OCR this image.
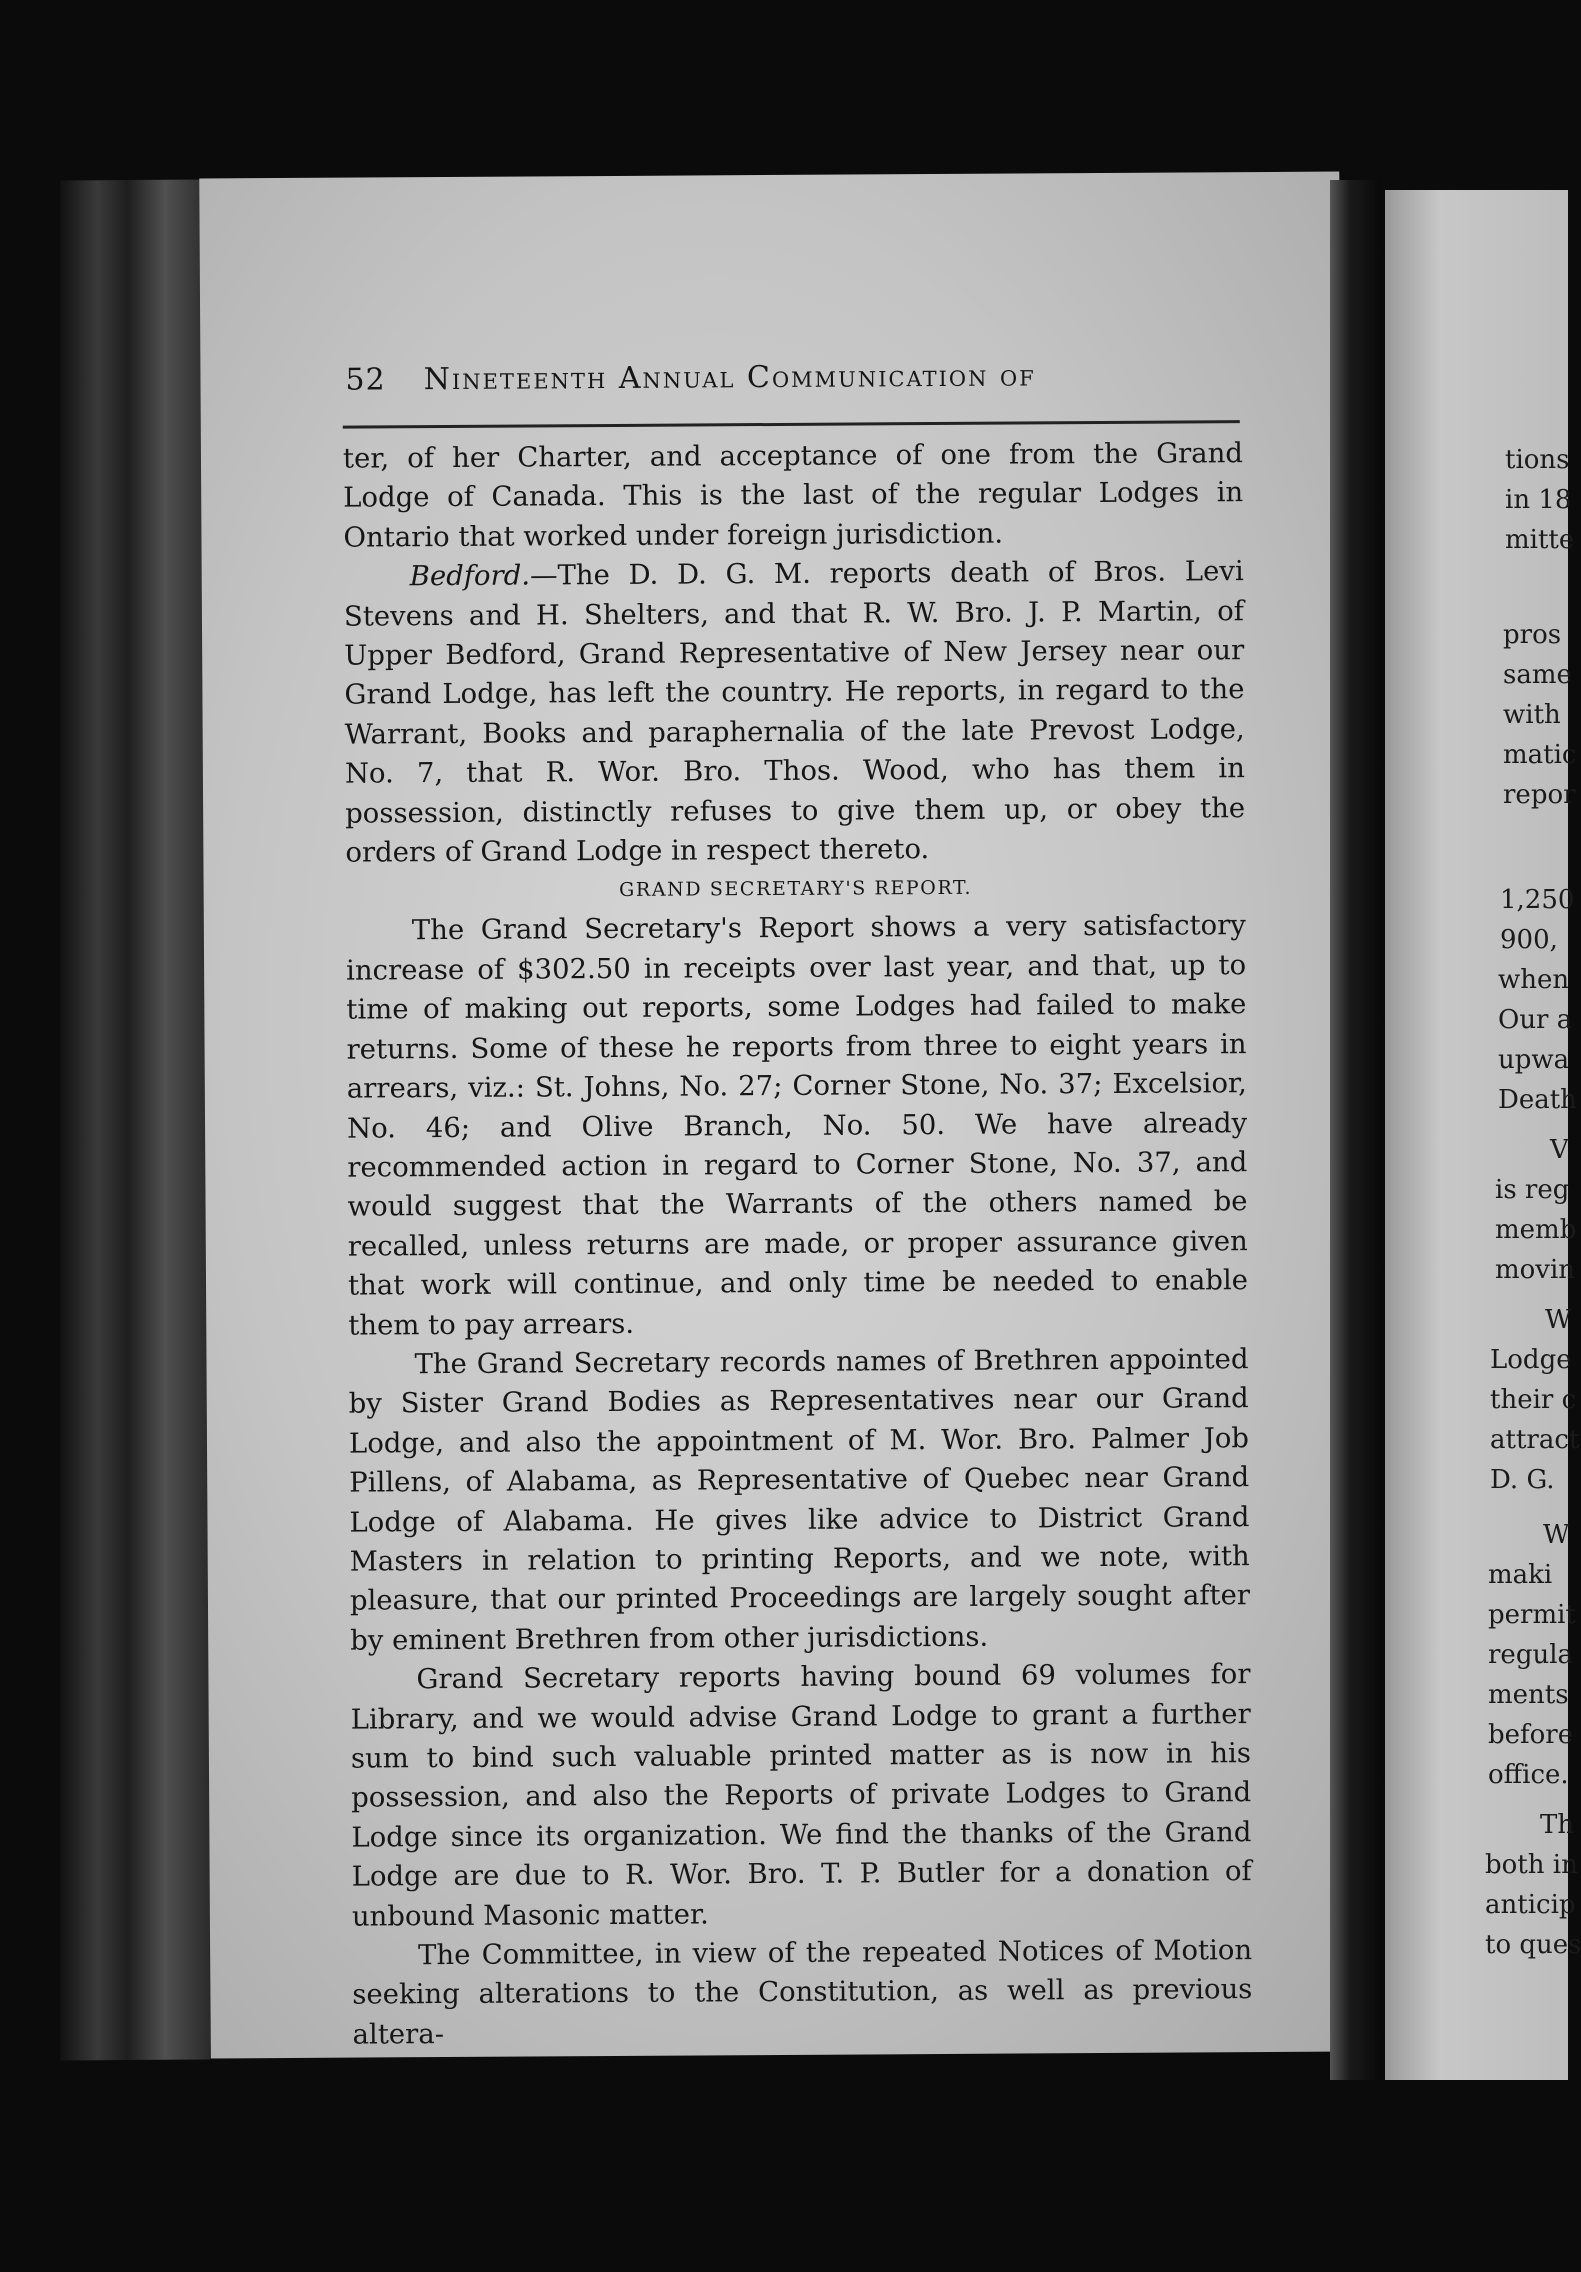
52 Nineteenth Annual Communication of

ter, of her Charter, and acceptance of one from the Grand Lodge of Canada. This is the last of the regular Lodges in Ontario that worked under foreign jurisdiction.

Bedford.—The D. D. G. M. reports death of Bros. Levi Stevens and H. Shelters, and that R. W. Bro. J. P. Martin, of Upper Bedford, Grand Representative of New Jersey near our Grand Lodge, has left the country. He reports, in regard to the Warrant, Books and paraphernalia of the late Prevost Lodge, No. 7, that R. Wor. Bro. Thos. Wood, who has them in possession, distinctly refuses to give them up, or obey the orders of Grand Lodge in respect thereto.

GRAND SECRETARY'S REPORT.

The Grand Secretary's Report shows a very satisfactory increase of $302.50 in receipts over last year, and that, up to time of making out reports, some Lodges had failed to make returns. Some of these he reports from three to eight years in arrears, viz.: St. Johns, No. 27; Corner Stone, No. 37; Excelsior, No. 46; and Olive Branch, No. 50. We have already recommended action in regard to Corner Stone, No. 37, and would suggest that the Warrants of the others named be recalled, unless returns are made, or proper assurance given that work will continue, and only time be needed to enable them to pay arrears.

The Grand Secretary records names of Brethren appointed by Sister Grand Bodies as Representatives near our Grand Lodge, and also the appointment of M. Wor. Bro. Palmer Job Pillens, of Alabama, as Representative of Quebec near Grand Lodge of Alabama. He gives like advice to District Grand Masters in relation to printing Reports, and we note, with pleasure, that our printed Proceedings are largely sought after by eminent Brethren from other jurisdictions.

Grand Secretary reports having bound 69 volumes for Library, and we would advise Grand Lodge to grant a further sum to bind such valuable printed matter as is now in his possession, and also the Reports of private Lodges to Grand Lodge since its organization. We find the thanks of the Grand Lodge are due to R. Wor. Bro. T. P. Butler for a donation of unbound Masonic matter.

The Committee, in view of the repeated Notices of Motion seeking alterations to the Constitution, as well as previous altera-

tions
in 18
mitte
pros
same
with
matic
repor
1,250
900,
when
Our a
upwa
Death
V
is reg
memb
movin
W
Lodge
their c
attract
D. G.
W
maki
permit
regula
ments
before
office.
Th
both in
anticip
to ques
